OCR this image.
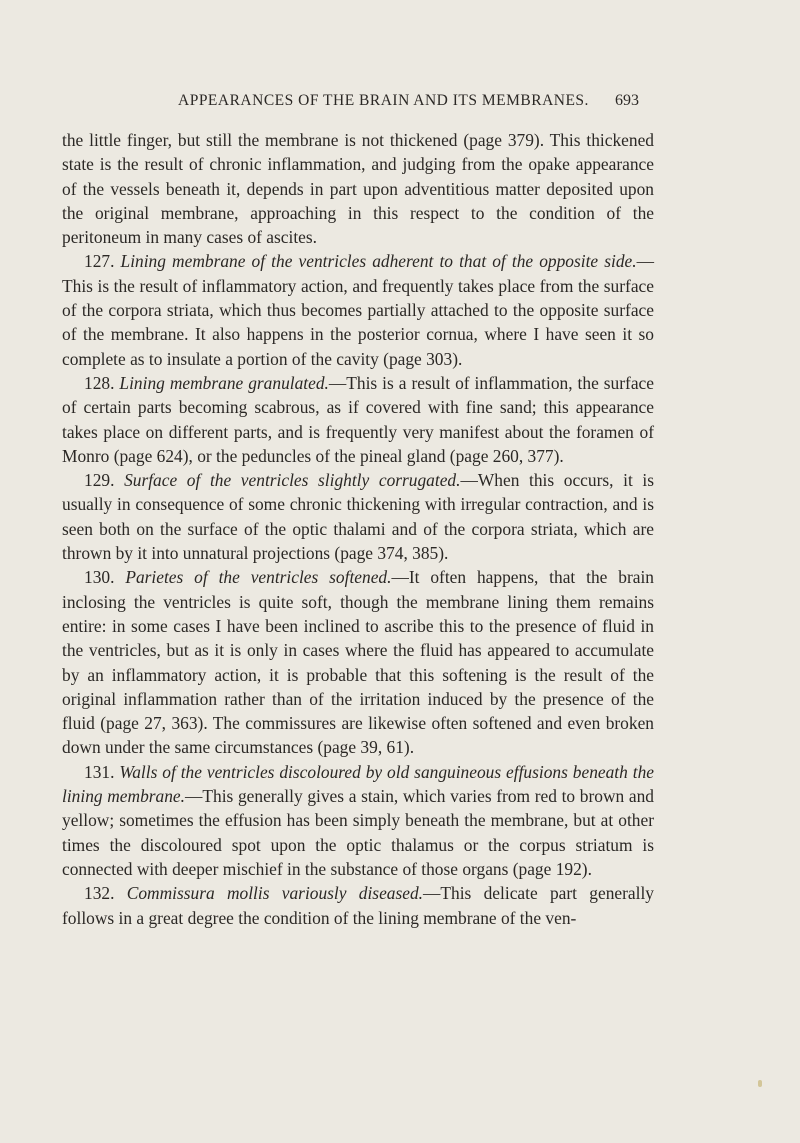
APPEARANCES OF THE BRAIN AND ITS MEMBRANES. 693

the little finger, but still the membrane is not thickened (page 379). This thickened state is the result of chronic inflammation, and judging from the opake appearance of the vessels beneath it, depends in part upon adventitious matter deposited upon the original membrane, approaching in this respect to the condition of the peritoneum in many cases of ascites.

127. Lining membrane of the ventricles adherent to that of the opposite side.—This is the result of inflammatory action, and frequently takes place from the surface of the corpora striata, which thus becomes partially attached to the opposite surface of the membrane. It also happens in the posterior cornua, where I have seen it so complete as to insulate a portion of the cavity (page 303).

128. Lining membrane granulated.—This is a result of inflammation, the surface of certain parts becoming scabrous, as if covered with fine sand; this appearance takes place on different parts, and is frequently very manifest about the foramen of Monro (page 624), or the peduncles of the pineal gland (page 260, 377).

129. Surface of the ventricles slightly corrugated.—When this occurs, it is usually in consequence of some chronic thickening with irregular contraction, and is seen both on the surface of the optic thalami and of the corpora striata, which are thrown by it into unnatural projections (page 374, 385).

130. Parietes of the ventricles softened.—It often happens, that the brain inclosing the ventricles is quite soft, though the membrane lining them remains entire: in some cases I have been inclined to ascribe this to the presence of fluid in the ventricles, but as it is only in cases where the fluid has appeared to accumulate by an inflammatory action, it is probable that this softening is the result of the original inflammation rather than of the irritation induced by the presence of the fluid (page 27, 363). The commissures are likewise often softened and even broken down under the same circumstances (page 39, 61).

131. Walls of the ventricles discoloured by old sanguineous effusions beneath the lining membrane.—This generally gives a stain, which varies from red to brown and yellow; sometimes the effusion has been simply beneath the membrane, but at other times the discoloured spot upon the optic thalamus or the corpus striatum is connected with deeper mischief in the substance of those organs (page 192).

132. Commissura mollis variously diseased.—This delicate part generally follows in a great degree the condition of the lining membrane of the ven-
